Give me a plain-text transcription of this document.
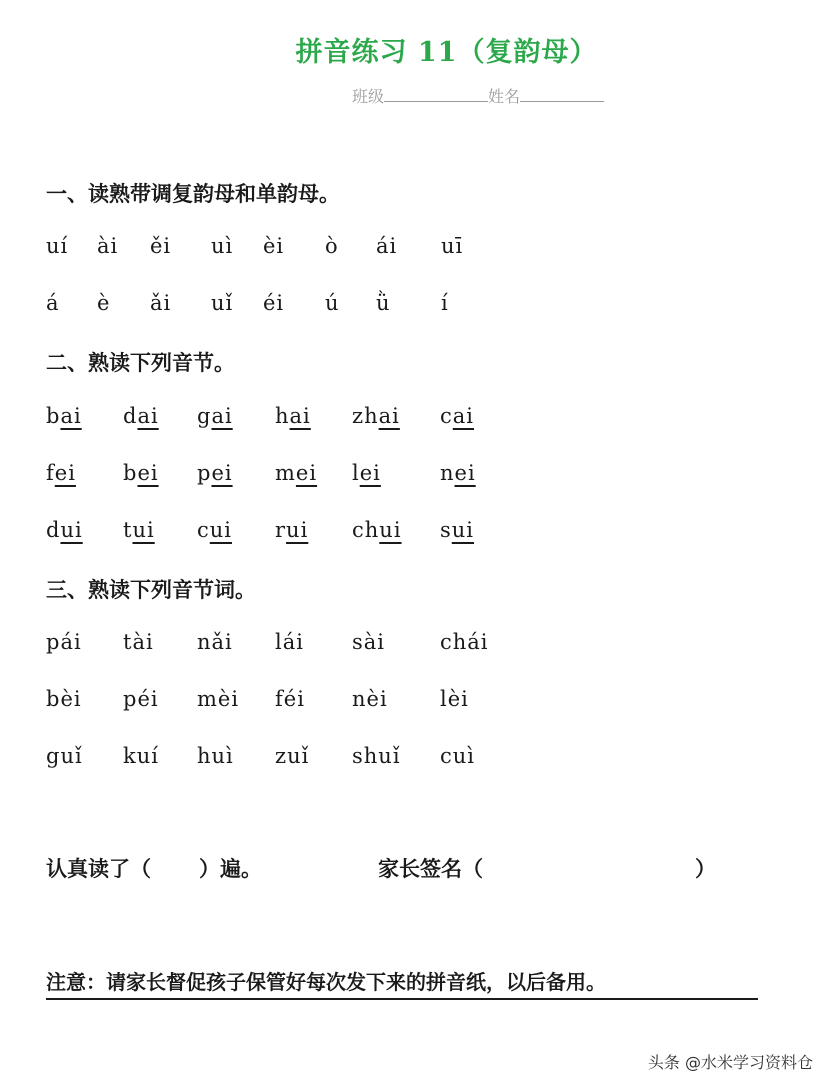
拼音练习 11（复韵母）
班级	姓名
一、读熟带调复韵母和单韵母。
uí ài ěi uì èi ò ái uī
á è ǎi uǐ éi ú ǜ í
二、熟读下列音节。
bai dai gai hai zhai cai
fei bei pei mei lei	nei
dui tui cui rui chui sui
三、熟读下列音节词。
pái tài nǎi lái sài	chái
bèi péi mèi féi nèi lèi
guǐ kuí huì zuǐ shuǐ cuì
认真读了（ ）遍。	家长签名（	）
注意：请家长督促孩子保管好每次发下来的拼音纸，以后备用。
头条 @水米学习资料仓
